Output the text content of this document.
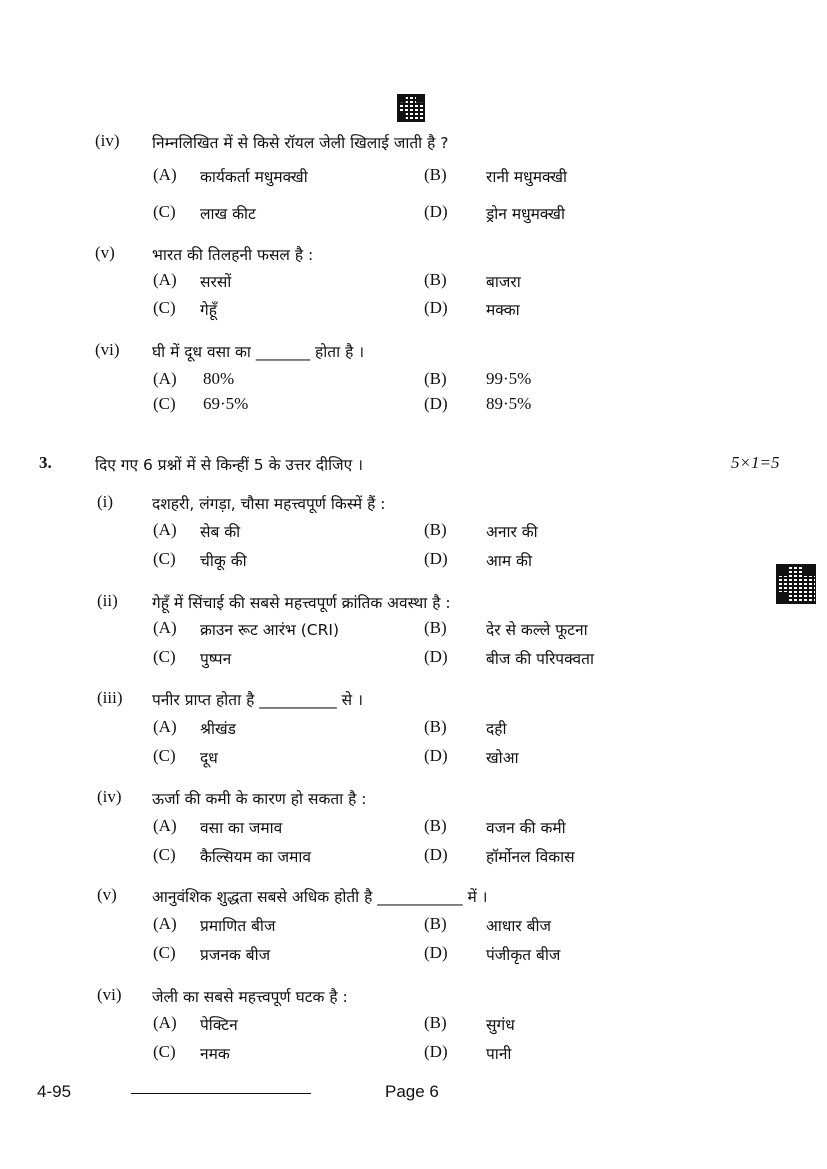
(iv) निम्नलिखित में से किसे रॉयल जेली खिलाई जाती है ?
(A) कार्यकर्ता मधुमक्खी	(B)	रानी मधुमक्खी
(C) लाख कीट	(D) ड्रोन मधुमक्खी
(v) भारत की तिलहनी फसल है :
(A) सरसों	(B)	बाजरा
(C) गेहूँ	(D) मक्का
(vi) घी में दूध वसा का _______ होता है ।
(A) 80%	(B) 99·5%
(C) 69·5%	(D) 89·5%
3.	दिए गए 6 प्रश्नों में से किन्हीं 5 के उत्तर दीजिए ।	5×1=5
(i)	दशहरी, लंगड़ा, चौसा महत्त्वपूर्ण किस्में हैं :
(A) सेब की	(B)	अनार की
(C) चीकू की	(D) आम की
(ii) गेहूँ में सिंचाई की सबसे महत्त्वपूर्ण क्रांतिक अवस्था है :
(A) क्राउन रूट आरंभ (CRI)	(B)	देर से कल्ले फूटना
(C) पुष्पन	(D) बीज की परिपक्वता
(iii) पनीर प्राप्त होता है __________ से ।
(A) श्रीखंड	(B)	दही
(C) दूध	(D) खोआ
(iv) ऊर्जा की कमी के कारण हो सकता है :
(A) वसा का जमाव	(B)	वजन की कमी
(C) कैल्सियम का जमाव	(D) हॉर्मोनल विकास
(v) आनुवंशिक शुद्धता सबसे अधिक होती है ___________ में ।
(A) प्रमाणित बीज	(B)	आधार बीज
(C) प्रजनक बीज	(D) पंजीकृत बीज
(vi) जेली का सबसे महत्त्वपूर्ण घटक है :
(A) पेक्टिन	(B)	सुगंध
(C) नमक	(D) पानी
4-95	Page 6
